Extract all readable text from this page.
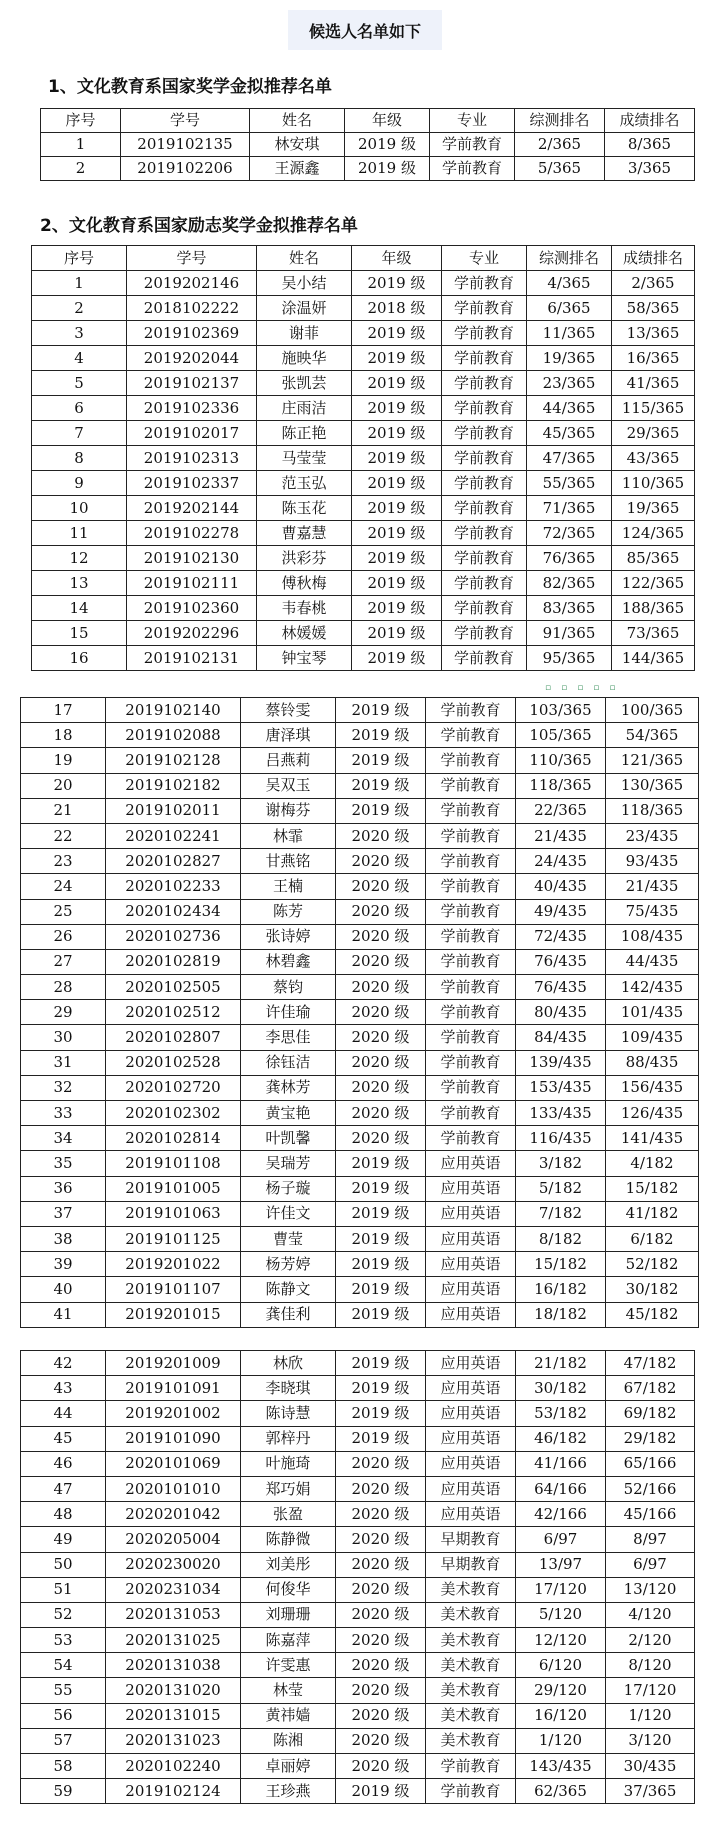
候选人名单如下
1、文化教育系国家奖学金拟推荐名单
序号	学号	姓名	年级	专业	综测排名	成绩排名
1	2019102135	林安琪	2019 级	学前教育	2/365	8/365
2	2019102206	王源鑫	2019 级	学前教育	5/365	3/365
2、文化教育系国家励志奖学金拟推荐名单
序号	学号	姓名	年级	专业	综测排名	成绩排名
1	2019202146	吴小结	2019 级	学前教育	4/365	2/365
2	2018102222	涂温妍	2018 级	学前教育	6/365	58/365
3	2019102369	谢菲	2019 级	学前教育	11/365	13/365
4	2019202044	施映华	2019 级	学前教育	19/365	16/365
5	2019102137	张凯芸	2019 级	学前教育	23/365	41/365
6	2019102336	庄雨洁	2019 级	学前教育	44/365	115/365
7	2019102017	陈正艳	2019 级	学前教育	45/365	29/365
8	2019102313	马莹莹	2019 级	学前教育	47/365	43/365
9	2019102337	范玉弘	2019 级	学前教育	55/365	110/365
10	2019202144	陈玉花	2019 级	学前教育	71/365	19/365
11	2019102278	曹嘉慧	2019 级	学前教育	72/365	124/365
12	2019102130	洪彩芬	2019 级	学前教育	76/365	85/365
13	2019102111	傅秋梅	2019 级	学前教育	82/365	122/365
14	2019102360	韦春桃	2019 级	学前教育	83/365	188/365
15	2019202296	林媛媛	2019 级	学前教育	91/365	73/365
16	2019102131	钟宝琴	2019 级	学前教育	95/365	144/365
▫▫▫▫▫
17	2019102140	蔡铃雯	2019 级	学前教育	103/365	100/365
18	2019102088	唐泽琪	2019 级	学前教育	105/365	54/365
19	2019102128	吕燕莉	2019 级	学前教育	110/365	121/365
20	2019102182	吴双玉	2019 级	学前教育	118/365	130/365
21	2019102011	谢梅芬	2019 级	学前教育	22/365	118/365
22	2020102241	林霏	2020 级	学前教育	21/435	23/435
23	2020102827	甘燕铭	2020 级	学前教育	24/435	93/435
24	2020102233	王楠	2020 级	学前教育	40/435	21/435
25	2020102434	陈芳	2020 级	学前教育	49/435	75/435
26	2020102736	张诗婷	2020 级	学前教育	72/435	108/435
27	2020102819	林碧鑫	2020 级	学前教育	76/435	44/435
28	2020102505	蔡钧	2020 级	学前教育	76/435	142/435
29	2020102512	许佳瑜	2020 级	学前教育	80/435	101/435
30	2020102807	李思佳	2020 级	学前教育	84/435	109/435
31	2020102528	徐钰洁	2020 级	学前教育	139/435	88/435
32	2020102720	龚林芳	2020 级	学前教育	153/435	156/435
33	2020102302	黄宝艳	2020 级	学前教育	133/435	126/435
34	2020102814	叶凯馨	2020 级	学前教育	116/435	141/435
35	2019101108	吴瑞芳	2019 级	应用英语	3/182	4/182
36	2019101005	杨子璇	2019 级	应用英语	5/182	15/182
37	2019101063	许佳文	2019 级	应用英语	7/182	41/182
38	2019101125	曹莹	2019 级	应用英语	8/182	6/182
39	2019201022	杨芳婷	2019 级	应用英语	15/182	52/182
40	2019101107	陈静文	2019 级	应用英语	16/182	30/182
41	2019201015	龚佳利	2019 级	应用英语	18/182	45/182
42	2019201009	林欣	2019 级	应用英语	21/182	47/182
43	2019101091	李晓琪	2019 级	应用英语	30/182	67/182
44	2019201002	陈诗慧	2019 级	应用英语	53/182	69/182
45	2019101090	郭梓丹	2019 级	应用英语	46/182	29/182
46	2020101069	叶施琦	2020 级	应用英语	41/166	65/166
47	2020101010	郑巧娟	2020 级	应用英语	64/166	52/166
48	2020201042	张盈	2020 级	应用英语	42/166	45/166
49	2020205004	陈静微	2020 级	早期教育	6/97	8/97
50	2020230020	刘美彤	2020 级	早期教育	13/97	6/97
51	2020231034	何俊华	2020 级	美术教育	17/120	13/120
52	2020131053	刘珊珊	2020 级	美术教育	5/120	4/120
53	2020131025	陈嘉萍	2020 级	美术教育	12/120	2/120
54	2020131038	许雯惠	2020 级	美术教育	6/120	8/120
55	2020131020	林莹	2020 级	美术教育	29/120	17/120
56	2020131015	黄祎嫱	2020 级	美术教育	16/120	1/120
57	2020131023	陈湘	2020 级	美术教育	1/120	3/120
58	2020102240	卓丽婷	2020 级	学前教育	143/435	30/435
59	2019102124	王珍燕	2019 级	学前教育	62/365	37/365
